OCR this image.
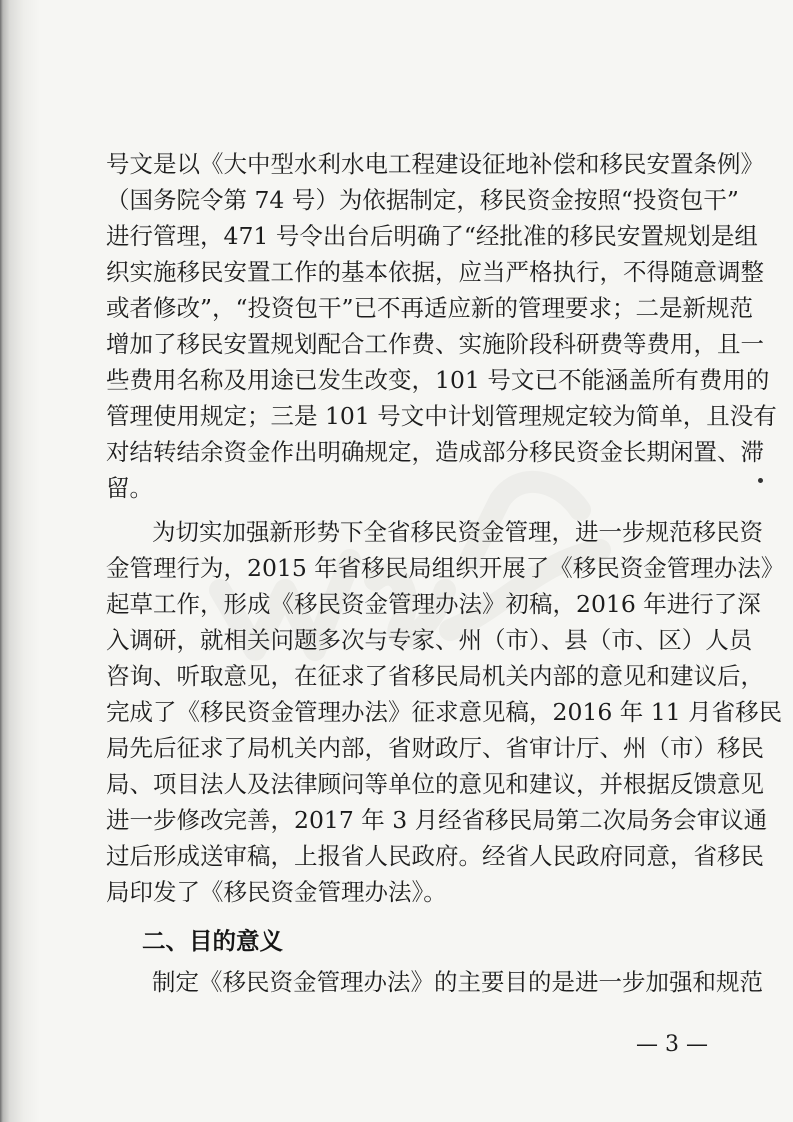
号文是以《大中型水利水电工程建设征地补偿和移民安置条例》
（国务院令第 74 号）为依据制定，移民资金按照“投资包干”
进行管理，471 号令出台后明确了“经批准的移民安置规划是组
织实施移民安置工作的基本依据，应当严格执行，不得随意调整
或者修改”，“投资包干”已不再适应新的管理要求；二是新规范
增加了移民安置规划配合工作费、实施阶段科研费等费用，且一
些费用名称及用途已发生改变，101 号文已不能涵盖所有费用的
管理使用规定；三是 101 号文中计划管理规定较为简单，且没有
对结转结余资金作出明确规定，造成部分移民资金长期闲置、滞
留。
为切实加强新形势下全省移民资金管理，进一步规范移民资
金管理行为，2015 年省移民局组织开展了《移民资金管理办法》
起草工作，形成《移民资金管理办法》初稿，2016 年进行了深
入调研，就相关问题多次与专家、州（市）、县（市、区）人员
咨询、听取意见，在征求了省移民局机关内部的意见和建议后，
完成了《移民资金管理办法》征求意见稿，2016 年 11 月省移民
局先后征求了局机关内部，省财政厅、省审计厅、州（市）移民
局、项目法人及法律顾问等单位的意见和建议，并根据反馈意见
进一步修改完善，2017 年 3 月经省移民局第二次局务会审议通
过后形成送审稿，上报省人民政府。经省人民政府同意，省移民
局印发了《移民资金管理办法》。
二、目的意义
制定《移民资金管理办法》的主要目的是进一步加强和规范
— 3 —
